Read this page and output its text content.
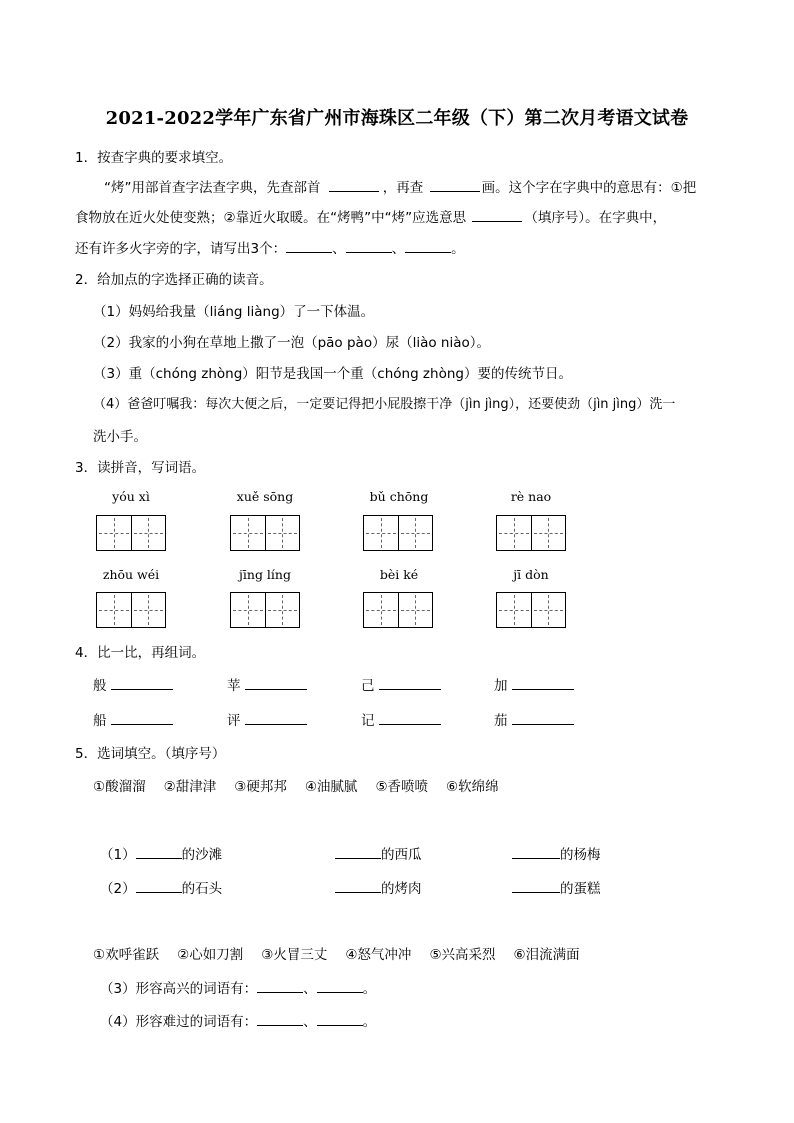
2021-2022学年广东省广州市海珠区二年级（下）第二次月考语文试卷
1．按查字典的要求填空。
“烤”用部首查字法查字典，先查部首	，再查	画。这个字在字典中的意思有：①把
食物放在近火处使变熟；②靠近火取暖。在“烤鸭”中“烤”应选意思	（填序号）。在字典中，
还有许多火字旁的字，请写出3个：	、	、	。
2．给加点的字选择正确的读音。
（1）妈妈给我量（liáng liàng）了一下体温。
（2）我家的小狗在草地上撒了一泡（pāo pào）尿（liào niào）。
（3）重（chóng zhòng）阳节是我国一个重（chóng zhòng）要的传统节日。
（4）爸爸叮嘱我：每次大便之后，一定要记得把小屁股擦干净（jìn jìng），还要使劲（jìn jìng）洗一
洗小手。
3．读拼音，写词语。
yóu xì	xuě sōng	bǔ chōng	rè nao
zhōu wéi	jīng líng	bèi ké	jī dòn
4．比一比，再组词。
般	苹	己	加
船	评	记	茄
5．选词填空。（填序号）
①酸溜溜 ②甜津津 ③硬邦邦 ④油腻腻 ⑤香喷喷 ⑥软绵绵
（1）	的沙滩	的西瓜	的杨梅
（2）	的石头	的烤肉	的蛋糕
①欢呼雀跃 ②心如刀割 ③火冒三丈 ④怒气冲冲 ⑤兴高采烈 ⑥泪流满面
（3）形容高兴的词语有：	、	。
（4）形容难过的词语有：	、	。
